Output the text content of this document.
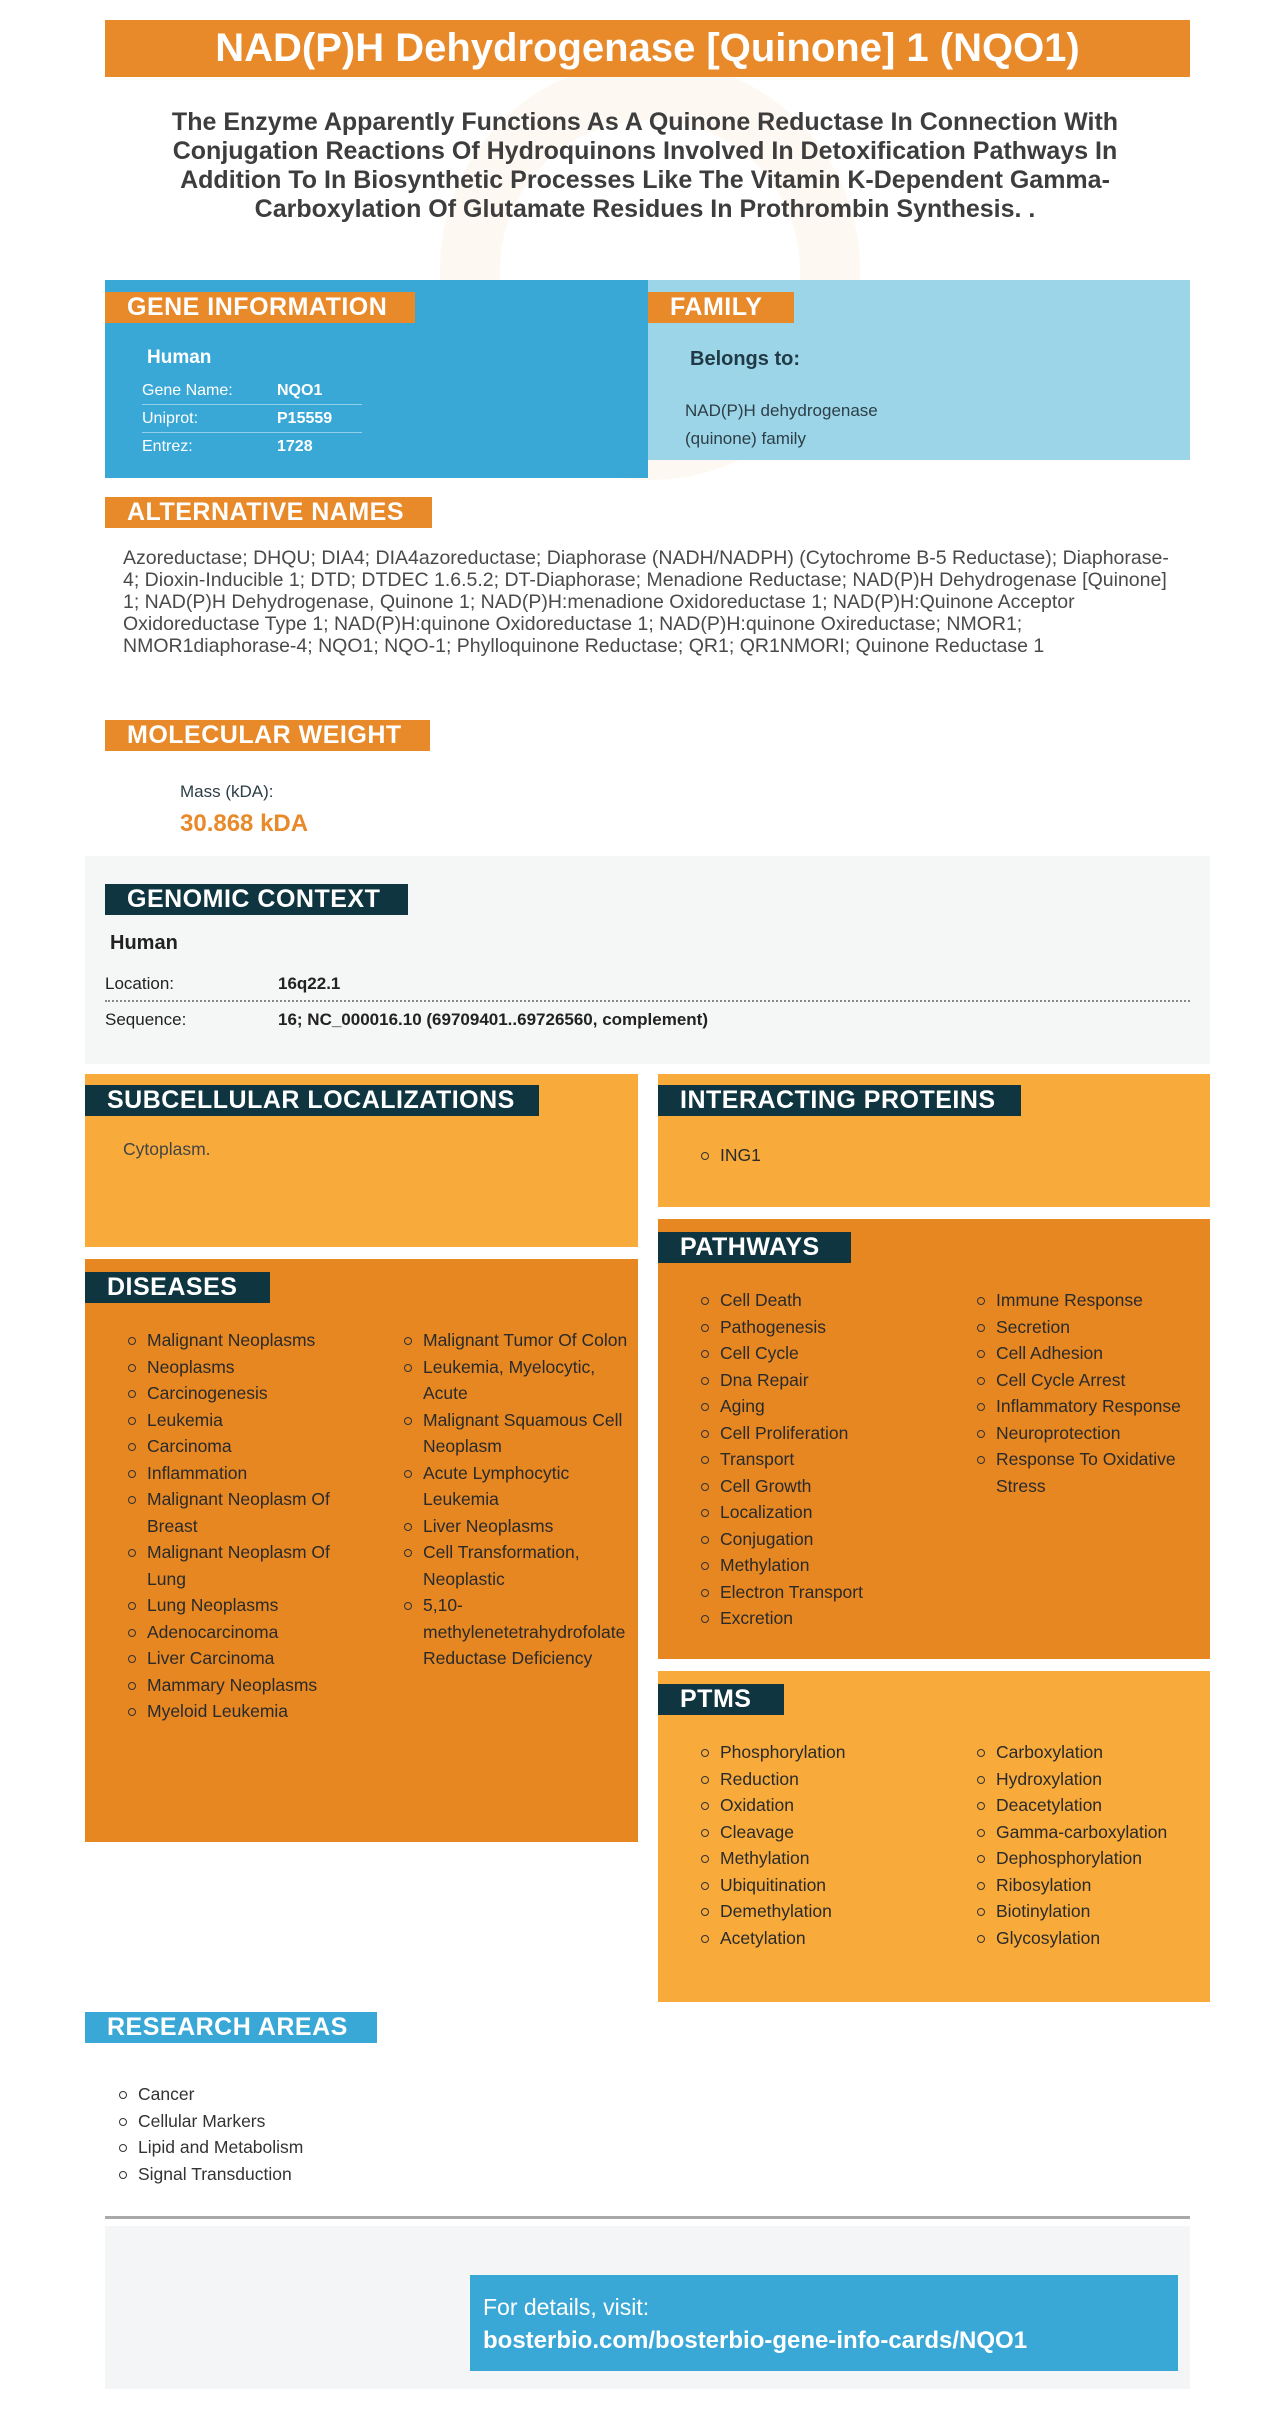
NAD(P)H Dehydrogenase [Quinone] 1 (NQO1)
The Enzyme Apparently Functions As A Quinone Reductase In Connection With Conjugation Reactions Of Hydroquinons Involved In Detoxification Pathways In Addition To In Biosynthetic Processes Like The Vitamin K-Dependent Gamma-Carboxylation Of Glutamate Residues In Prothrombin Synthesis. .
GENE INFORMATION
Human
Gene Name:	NQO1
Uniprot:	P15559
Entrez:	1728
FAMILY
Belongs to:
NAD(P)H dehydrogenase (quinone) family
ALTERNATIVE NAMES
Azoreductase; DHQU; DIA4; DIA4azoreductase; Diaphorase (NADH/NADPH) (Cytochrome B-5 Reductase); Diaphorase-4; Dioxin-Inducible 1; DTD; DTDEC 1.6.5.2; DT-Diaphorase; Menadione Reductase; NAD(P)H Dehydrogenase [Quinone] 1; NAD(P)H Dehydrogenase, Quinone 1; NAD(P)H:menadione Oxidoreductase 1; NAD(P)H:Quinone Acceptor Oxidoreductase Type 1; NAD(P)H:quinone Oxidoreductase 1; NAD(P)H:quinone Oxireductase; NMOR1; NMOR1diaphorase-4; NQO1; NQO-1; Phylloquinone Reductase; QR1; QR1NMORI; Quinone Reductase 1
MOLECULAR WEIGHT
Mass (kDA):
30.868 kDA
GENOMIC CONTEXT
Human
Location:	16q22.1
Sequence:	16; NC_000016.10 (69709401..69726560, complement)
SUBCELLULAR LOCALIZATIONS
Cytoplasm.
INTERACTING PROTEINS
ING1
DISEASES
Malignant Neoplasms
Neoplasms
Carcinogenesis
Leukemia
Carcinoma
Inflammation
Malignant Neoplasm Of Breast
Malignant Neoplasm Of Lung
Lung Neoplasms
Adenocarcinoma
Liver Carcinoma
Mammary Neoplasms
Myeloid Leukemia
Malignant Tumor Of Colon
Leukemia, Myelocytic, Acute
Malignant Squamous Cell Neoplasm
Acute Lymphocytic Leukemia
Liver Neoplasms
Cell Transformation, Neoplastic
5,10-methylenetetrahydrofolate Reductase Deficiency
PATHWAYS
Cell Death
Pathogenesis
Cell Cycle
Dna Repair
Aging
Cell Proliferation
Transport
Cell Growth
Localization
Conjugation
Methylation
Electron Transport
Excretion
Immune Response
Secretion
Cell Adhesion
Cell Cycle Arrest
Inflammatory Response
Neuroprotection
Response To Oxidative Stress
PTMS
Phosphorylation
Reduction
Oxidation
Cleavage
Methylation
Ubiquitination
Demethylation
Acetylation
Carboxylation
Hydroxylation
Deacetylation
Gamma-carboxylation
Dephosphorylation
Ribosylation
Biotinylation
Glycosylation
RESEARCH AREAS
Cancer
Cellular Markers
Lipid and Metabolism
Signal Transduction
For details, visit:
bosterbio.com/bosterbio-gene-info-cards/NQO1
